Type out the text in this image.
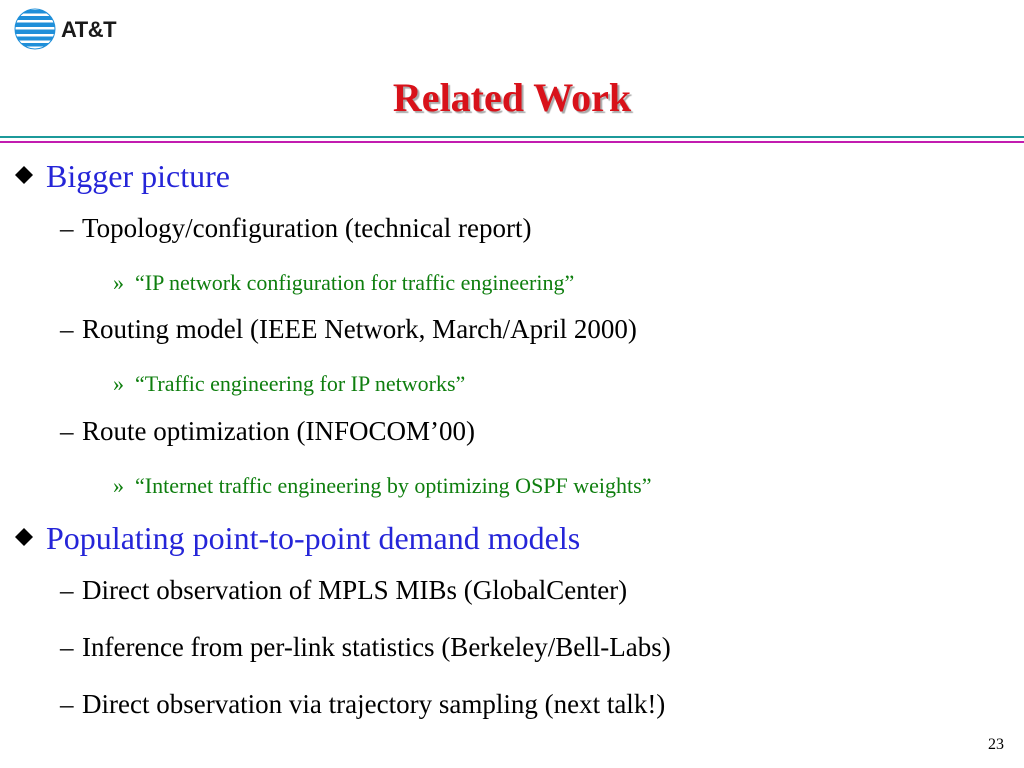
AT&T
Related Work
Bigger picture
– Topology/configuration (technical report)
» “IP network configuration for traffic engineering”
– Routing model (IEEE Network, March/April 2000)
» “Traffic engineering for IP networks”
– Route optimization (INFOCOM’00)
» “Internet traffic engineering by optimizing OSPF weights”
Populating point-to-point demand models
– Direct observation of MPLS MIBs (GlobalCenter)
– Inference from per-link statistics (Berkeley/Bell-Labs)
– Direct observation via trajectory sampling (next talk!)
23
